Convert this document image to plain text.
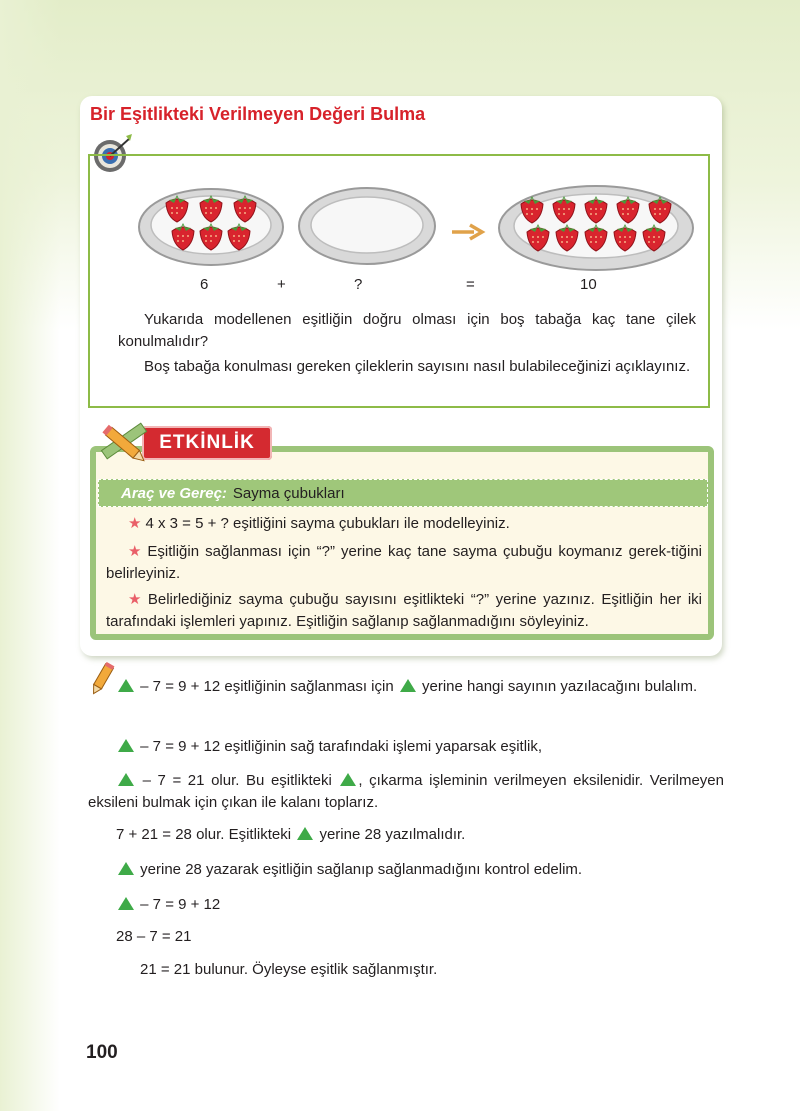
Bir Eşitlikteki Verilmeyen Değeri Bulma
6	+	?	=	10

Yukarıda modellenen eşitliğin doğru olması için boş tabağa kaç tane çilek konulmalıdır?

Boş tabağa konulması gereken çileklerin sayısını nasıl bulabileceğinizi açıklayınız.

ETKİNLİK
Araç ve Gereç: Sayma çubukları

★ 4 x 3 = 5 + ? eşitliğini sayma çubukları ile modelleyiniz.

★ Eşitliğin sağlanması için “?” yerine kaç tane sayma çubuğu koymanız gerek-tiğini belirleyiniz.

★ Belirlediğiniz sayma çubuğu sayısını eşitlikteki “?” yerine yazınız. Eşitliğin her iki tarafındaki işlemleri yapınız. Eşitliğin sağlanıp sağlanmadığını söyleyiniz.

– 7 = 9 + 12 eşitliğinin sağlanması için yerine hangi sayının yazılacağını bulalım.

– 7 = 9 + 12 eşitliğinin sağ tarafındaki işlemi yaparsak eşitlik,

– 7 = 21 olur. Bu eşitlikteki , çıkarma işleminin verilmeyen eksilenidir. Verilmeyen eksileni bulmak için çıkan ile kalanı toplarız.

7 + 21 = 28 olur. Eşitlikteki yerine 28 yazılmalıdır.

yerine 28 yazarak eşitliğin sağlanıp sağlanmadığını kontrol edelim.

– 7 = 9 + 12

28 – 7 = 21

21 = 21 bulunur. Öyleyse eşitlik sağlanmıştır.

100
